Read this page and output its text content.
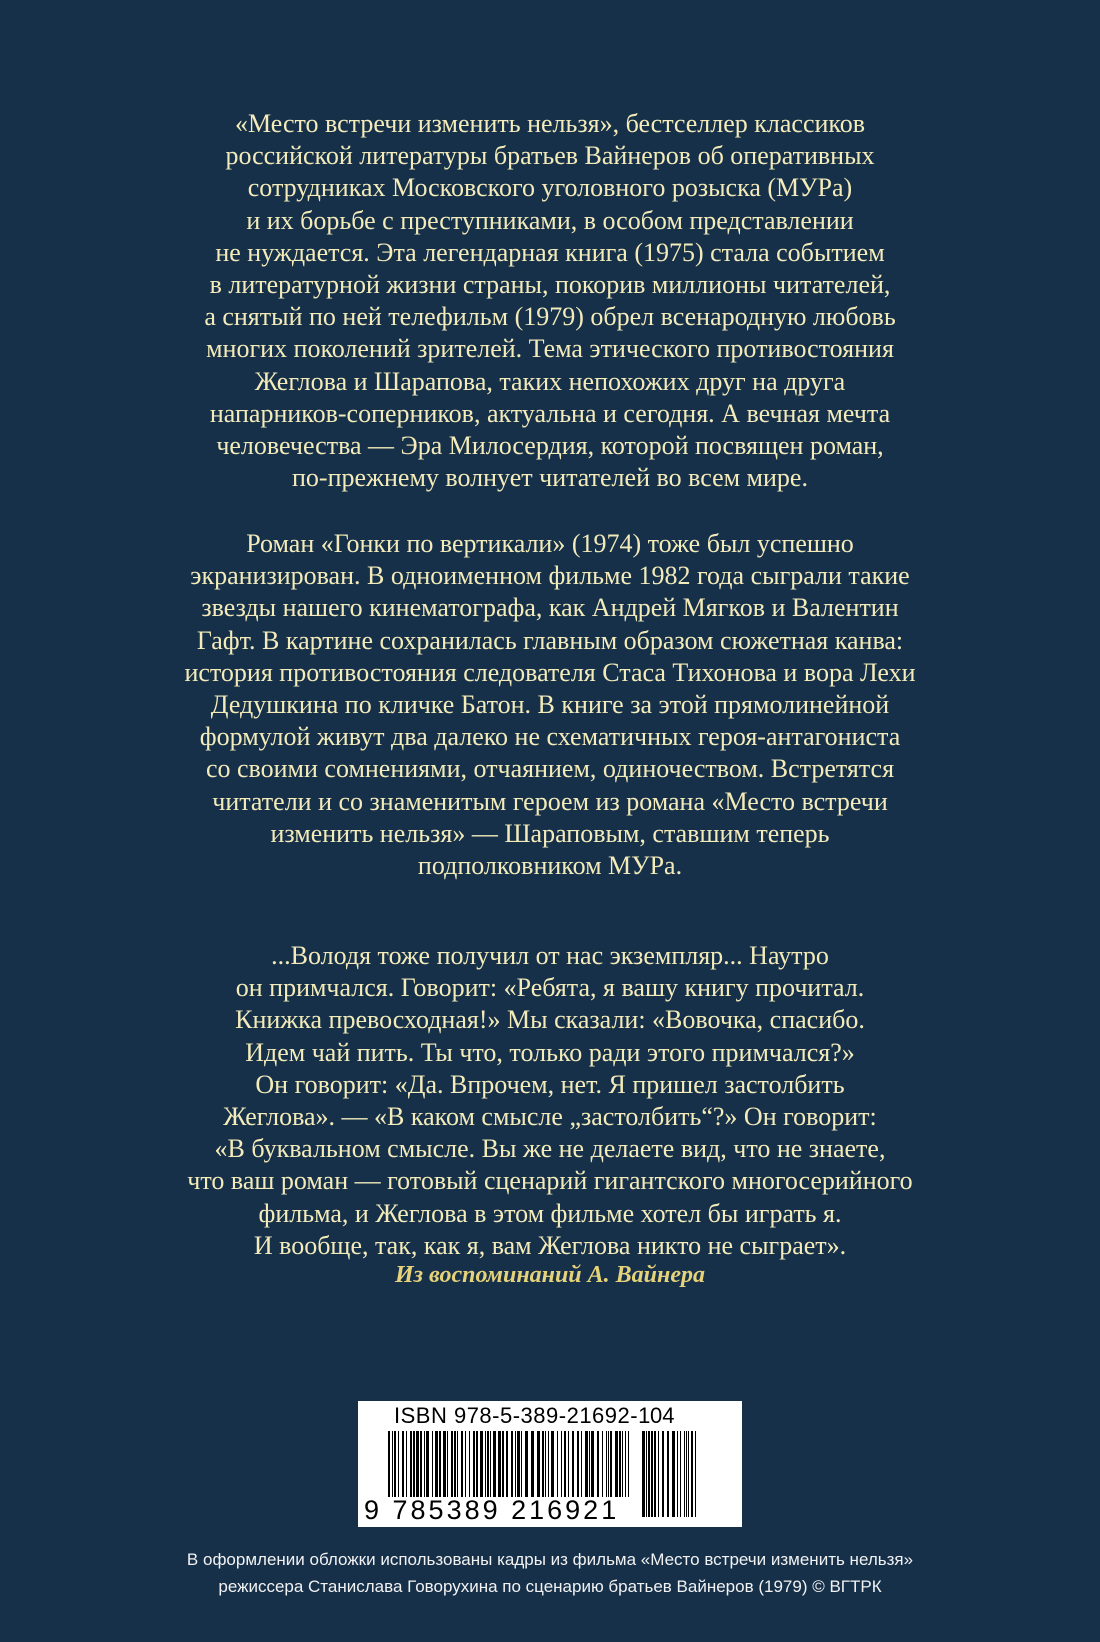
«Место встречи изменить нельзя», бестселлер классиков
российской литературы братьев Вайнеров об оперативных
сотрудниках Московского уголовного розыска (МУРа)
и их борьбе с преступниками, в особом представлении
не нуждается. Эта легендарная книга (1975) стала событием
в литературной жизни страны, покорив миллионы читателей,
а снятый по ней телефильм (1979) обрел всенародную любовь
многих поколений зрителей. Тема этического противостояния
Жеглова и Шарапова, таких непохожих друг на друга
напарников-соперников, актуальна и сегодня. А вечная мечта
человечества — Эра Милосердия, которой посвящен роман,
по-прежнему волнует читателей во всем мире.
Роман «Гонки по вертикали» (1974) тоже был успешно
экранизирован. В одноименном фильме 1982 года сыграли такие
звезды нашего кинематографа, как Андрей Мягков и Валентин
Гафт. В картине сохранилась главным образом сюжетная канва:
история противостояния следователя Стаса Тихонова и вора Лехи
Дедушкина по кличке Батон. В книге за этой прямолинейной
формулой живут два далеко не схематичных героя-антагониста
со своими сомнениями, отчаянием, одиночеством. Встретятся
читатели и со знаменитым героем из романа «Место встречи
изменить нельзя» — Шараповым, ставшим теперь
подполковником МУРа.
...Володя тоже получил от нас экземпляр... Наутро
он примчался. Говорит: «Ребята, я вашу книгу прочитал.
Книжка превосходная!» Мы сказали: «Вовочка, спасибо.
Идем чай пить. Ты что, только ради этого примчался?»
Он говорит: «Да. Впрочем, нет. Я пришел застолбить
Жеглова». — «В каком смысле „застолбить“?» Он говорит:
«В буквальном смысле. Вы же не делаете вид, что не знаете,
что ваш роман — готовый сценарий гигантского многосерийного
фильма, и Жеглова в этом фильме хотел бы играть я.
И вообще, так, как я, вам Жеглова никто не сыграет».
Из воспоминаний А. Вайнера
ISBN 978-5-389-21692-1 04
9 785389 216921
В оформлении обложки использованы кадры из фильма «Место встречи изменить нельзя»
режиссера Станислава Говорухина по сценарию братьев Вайнеров (1979) © ВГТРК
